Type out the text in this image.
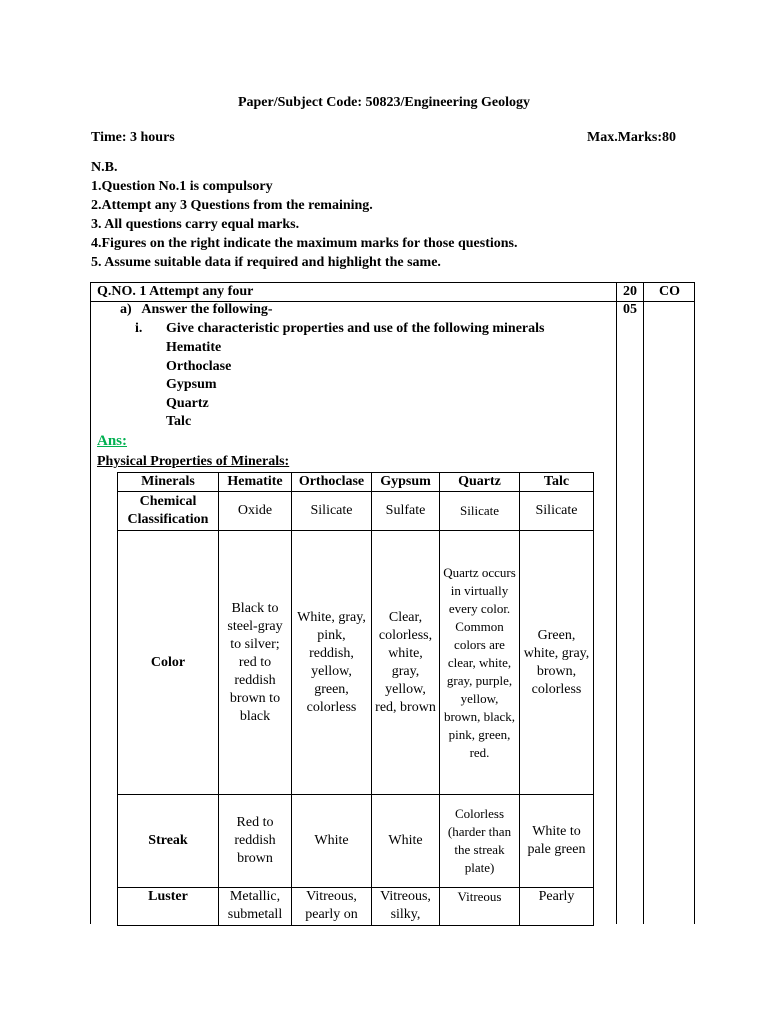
Paper/Subject Code: 50823/Engineering Geology
Time: 3 hours	Max.Marks:80
N.B.
1.Question No.1 is compulsory
2.Attempt any 3 Questions from the remaining.
3. All questions carry equal marks.
4.Figures on the right indicate the maximum marks for those questions.
5. Assume suitable data if required and highlight the same.
Q.NO. 1 Attempt any four	20 CO
a)   Answer the following-	05
i. Give characteristic properties and use of the following minerals
Hematite
Orthoclase
Gypsum
Quartz
Talc
Ans:
Physical Properties of Minerals:
Minerals	Hematite	Orthoclase	Gypsum	Quartz	Talc
Chemical Classification	Oxide	Silicate	Sulfate	Silicate	Silicate
Color	Black to steel-gray to silver; red to reddish brown to black	White, gray, pink, reddish, yellow, green, colorless	Clear, colorless, white, gray, yellow, red, brown	Quartz occurs in virtually every color. Common colors are clear, white, gray, purple, yellow, brown, black, pink, green, red.	Green, white, gray, brown, colorless
Streak	Red to reddish brown	White	White	Colorless (harder than the streak plate)	White to pale green
Luster	Metallic, submetall	Vitreous, pearly on	Vitreous, silky,	Vitreous	Pearly
